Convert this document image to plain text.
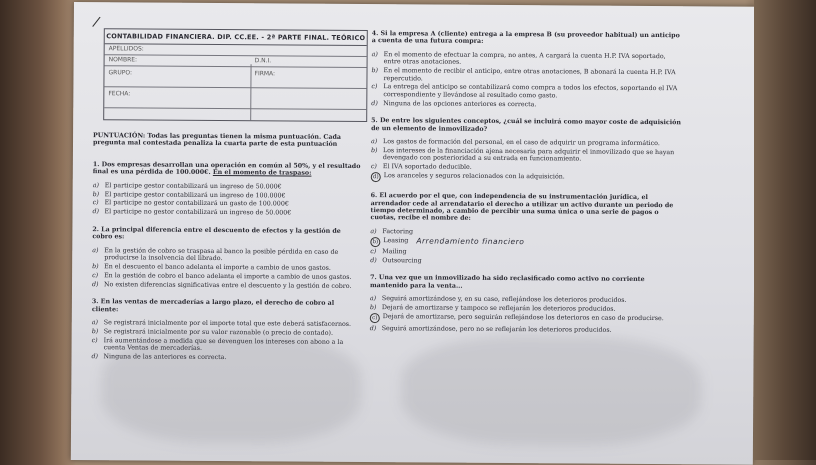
/
CONTABILIDAD FINANCIERA. DIP. CC.EE. - 2ª PARTE FINAL. TEÓRICO
APELLIDOS:
NOMBRE:	D.N.I.
GRUPO:	FIRMA:
FECHA:

PUNTUACIÓN: Todas las preguntas tienen la misma puntuación. Cada pregunta mal contestada penaliza la cuarta parte de esta puntuación

1. Dos empresas desarrollan una operación en común al 50%, y el resultado final es una pérdida de 100.000€. En el momento de traspaso:
a) El participe gestor contabilizará un ingreso de 50.000€
b) El participe gestor contabilizará un ingreso de 100.000€
c) El participe no gestor contabilizará un gasto de 100.000€
d) El participe no gestor contabilizará un ingreso de 50.000€
2. La principal diferencia entre el descuento de efectos y la gestión de cobro es:
a) En la gestión de cobro se traspasa al banco la posible pérdida en caso de producirse la insolvencia del librado.
b) En el descuento el banco adelanta el importe a cambio de unos gastos.
c) En la gestión de cobro el banco adelanta el importe a cambio de unos gastos.
d) No existen diferencias significativas entre el descuento y la gestión de cobro.
3. En las ventas de mercaderías a largo plazo, el derecho de cobro al cliente:
a) Se registrará inicialmente por el importe total que este deberá satisfacernos.
b) Se registrará inicialmente por su valor razonable (o precio de contado).
c) Irá aumentándose a medida que se devenguen los intereses con abono a la cuenta Ventas de mercaderías.
d) Ninguna de las anteriores es correcta.
4. Si la empresa A (cliente) entrega a la empresa B (su proveedor habitual) un anticipo a cuenta de una futura compra:
a) En el momento de efectuar la compra, no antes, A cargará la cuenta H.P. IVA soportado, entre otras anotaciones.
b) En el momento de recibir el anticipo, entre otras anotaciones, B abonará la cuenta H.P. IVA repercutido.
c) La entrega del anticipo se contabilizará como compra a todos los efectos, soportando el IVA correspondiente y llevándose al resultado como gasto.
d) Ninguna de las opciones anteriores es correcta.
5. De entre los siguientes conceptos, ¿cuál se incluirá como mayor coste de adquisición de un elemento de inmovilizado?
a) Los gastos de formación del personal, en el caso de adquirir un programa informático.
b) Los intereses de la financiación ajena necesaria para adquirir el inmovilizado que se hayan devengado con posterioridad a su entrada en funcionamiento.
c) El IVA soportado deducible.
d) Los aranceles y seguros relacionados con la adquisición.
6. El acuerdo por el que, con independencia de su instrumentación jurídica, el arrendador cede al arrendatario el derecho a utilizar un activo durante un periodo de tiempo determinado, a cambio de percibir una suma única o una serie de pagos o cuotas, recibe el nombre de:
a) Factoring
b) Leasing Arrendamiento financiero
c) Mailing
d) Outsourcing
7. Una vez que un inmovilizado ha sido reclasificado como activo no corriente mantenido para la venta...
a) Seguirá amortizándose y, en su caso, reflejándose los deterioros producidos.
b) Dejará de amortizarse y tampoco se reflejarán los deterioros producidos.
c) Dejará de amortizarse, pero seguirán reflejándose los deterioros en caso de producirse.
d) Seguirá amortizándose, pero no se reflejarán los deterioros producidos.
